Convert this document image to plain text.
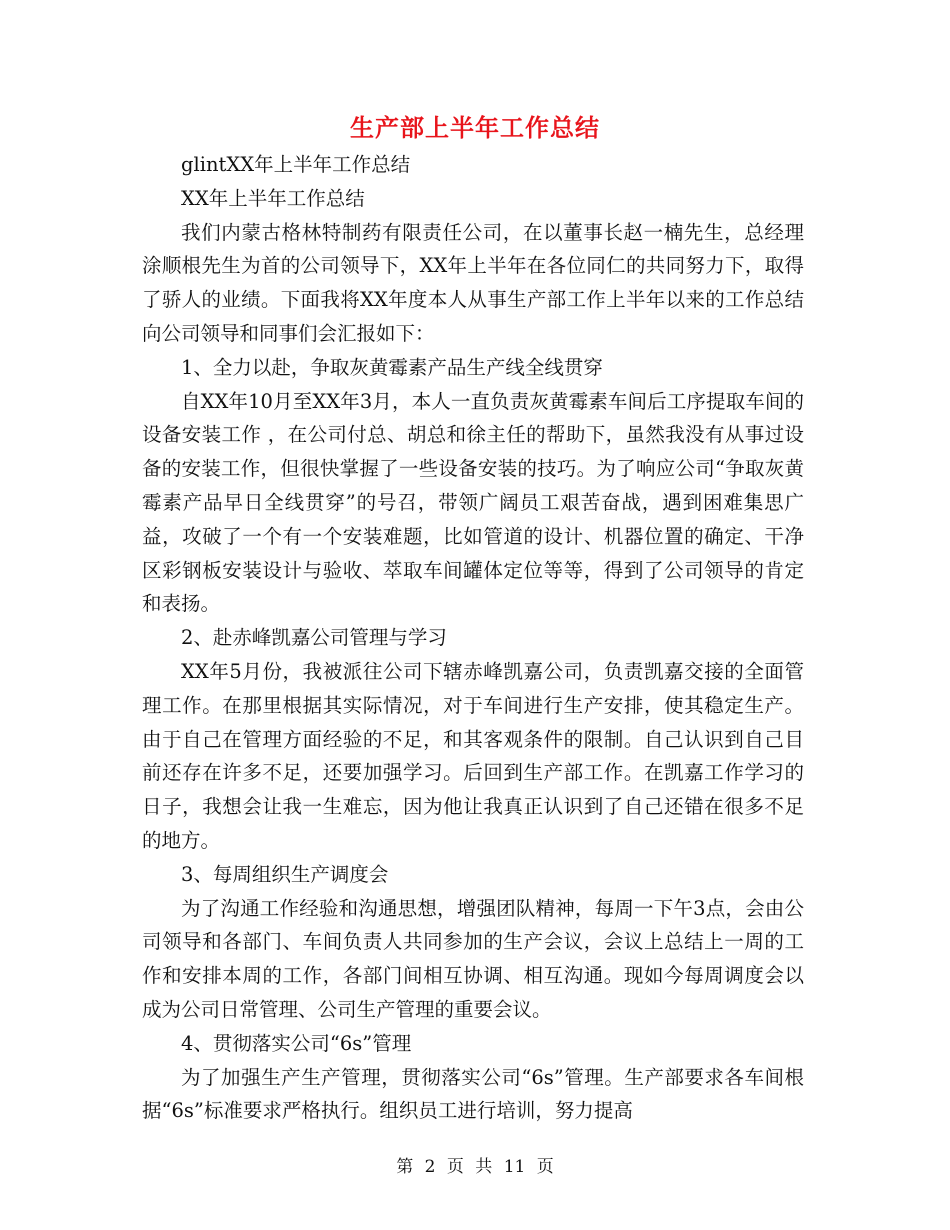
生产部上半年工作总结

glintXX年上半年工作总结

XX年上半年工作总结

我们内蒙古格林特制药有限责任公司，在以董事长赵一楠先生，总经理涂顺根先生为首的公司领导下，XX年上半年在各位同仁的共同努力下，取得了骄人的业绩。下面我将XX年度本人从事生产部工作上半年以来的工作总结向公司领导和同事们会汇报如下：

1、全力以赴，争取灰黄霉素产品生产线全线贯穿

自XX年10月至XX年3月，本人一直负责灰黄霉素车间后工序提取车间的设备安装工作 ，在公司付总、胡总和徐主任的帮助下，虽然我没有从事过设备的安装工作，但很快掌握了一些设备安装的技巧。为了响应公司“争取灰黄霉素产品早日全线贯穿”的号召，带领广阔员工艰苦奋战，遇到困难集思广益，攻破了一个有一个安装难题，比如管道的设计、机器位置的确定、干净区彩钢板安装设计与验收、萃取车间罐体定位等等，得到了公司领导的肯定和表扬。

2、赴赤峰凯嘉公司管理与学习

XX年5月份，我被派往公司下辖赤峰凯嘉公司，负责凯嘉交接的全面管理工作。在那里根据其实际情况，对于车间进行生产安排，使其稳定生产。由于自己在管理方面经验的不足，和其客观条件的限制。自己认识到自己目前还存在许多不足，还要加强学习。后回到生产部工作。在凯嘉工作学习的日子，我想会让我一生难忘，因为他让我真正认识到了自己还错在很多不足的地方。

3、每周组织生产调度会

为了沟通工作经验和沟通思想，增强团队精神，每周一下午3点，会由公司领导和各部门、车间负责人共同参加的生产会议，会议上总结上一周的工作和安排本周的工作，各部门间相互协调、相互沟通。现如今每周调度会以成为公司日常管理、公司生产管理的重要会议。

4、贯彻落实公司“6s”管理

为了加强生产生产管理，贯彻落实公司“6s”管理。生产部要求各车间根据“6s”标准要求严格执行。组织员工进行培训，努力提高

第 2 页 共 11 页
